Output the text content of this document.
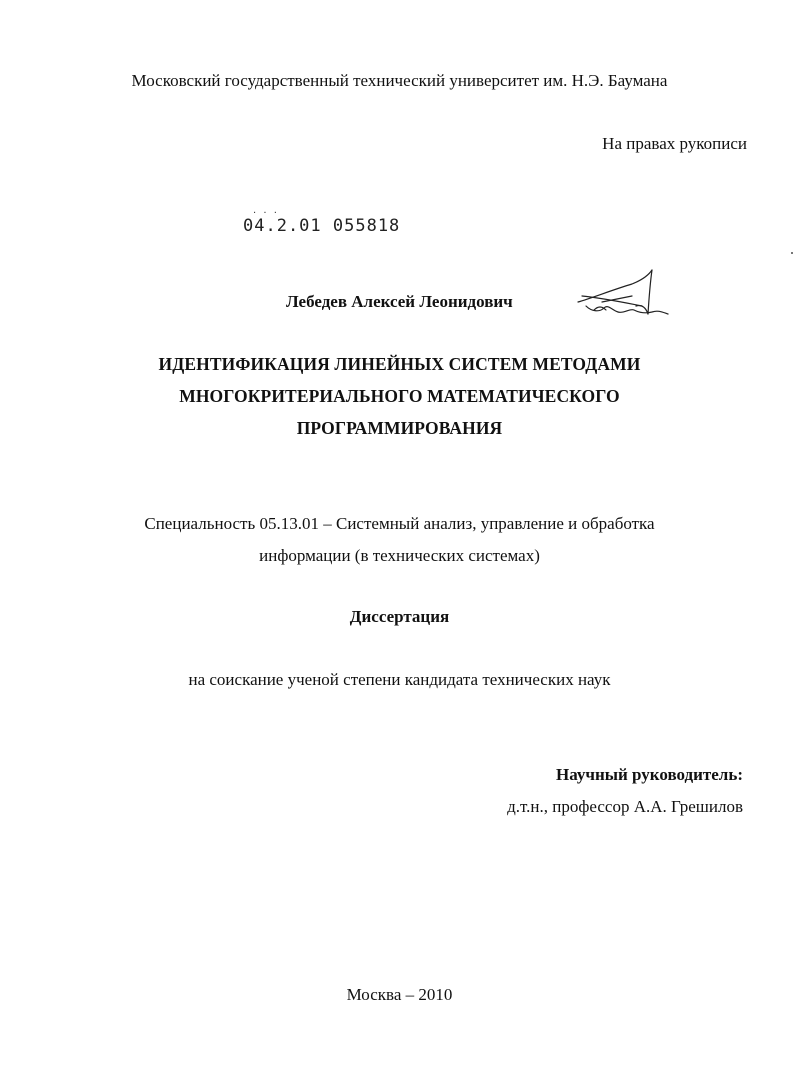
Московский государственный технический университет им. Н.Э. Баумана
На правах рукописи
· · ·
04.2.01 055818
Лебедев Алексей Леонидович
ИДЕНТИФИКАЦИЯ ЛИНЕЙНЫХ СИСТЕМ МЕТОДАМИ
МНОГОКРИТЕРИАЛЬНОГО МАТЕМАТИЧЕСКОГО
ПРОГРАММИРОВАНИЯ
Специальность 05.13.01 – Системный анализ, управление и обработка
информации (в технических системах)
Диссертация
на соискание ученой степени кандидата технических наук
Научный руководитель:
д.т.н., профессор А.А. Грешилов
Москва – 2010
